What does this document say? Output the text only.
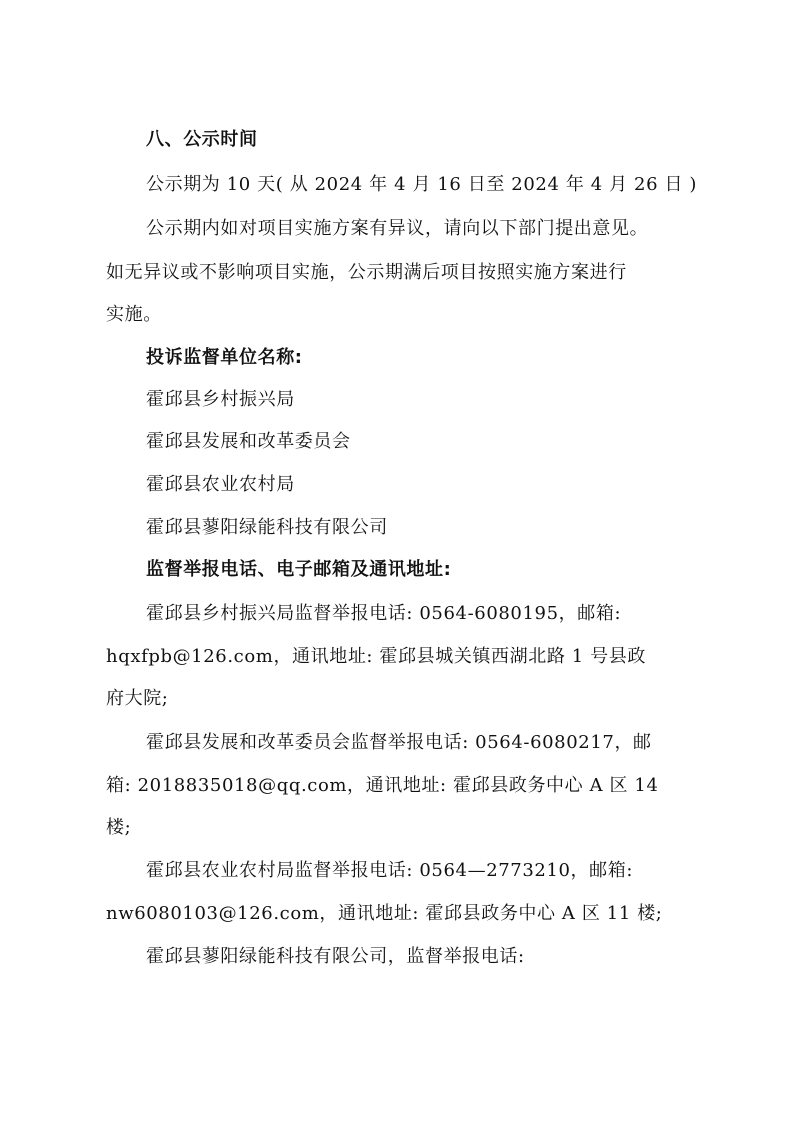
八、公示时间
公示期为 10 天( 从 2024 年 4 月 16 日至 2024 年 4 月 26 日 )
公示期内如对项目实施方案有异议，请向以下部门提出意见。
如无异议或不影响项目实施，公示期满后项目按照实施方案进行
实施。
投诉监督单位名称:
霍邱县乡村振兴局
霍邱县发展和改革委员会
霍邱县农业农村局
霍邱县蓼阳绿能科技有限公司
监督举报电话、电子邮箱及通讯地址:
霍邱县乡村振兴局监督举报电话: 0564-6080195，邮箱:
hqxfpb@126.com，通讯地址: 霍邱县城关镇西湖北路 1 号县政
府大院;
霍邱县发展和改革委员会监督举报电话: 0564-6080217，邮
箱: 2018835018@qq.com，通讯地址: 霍邱县政务中心 A 区 14
楼;
霍邱县农业农村局监督举报电话: 0564—2773210，邮箱:
nw6080103@126.com，通讯地址: 霍邱县政务中心 A 区 11 楼;
霍邱县蓼阳绿能科技有限公司，监督举报电话:
